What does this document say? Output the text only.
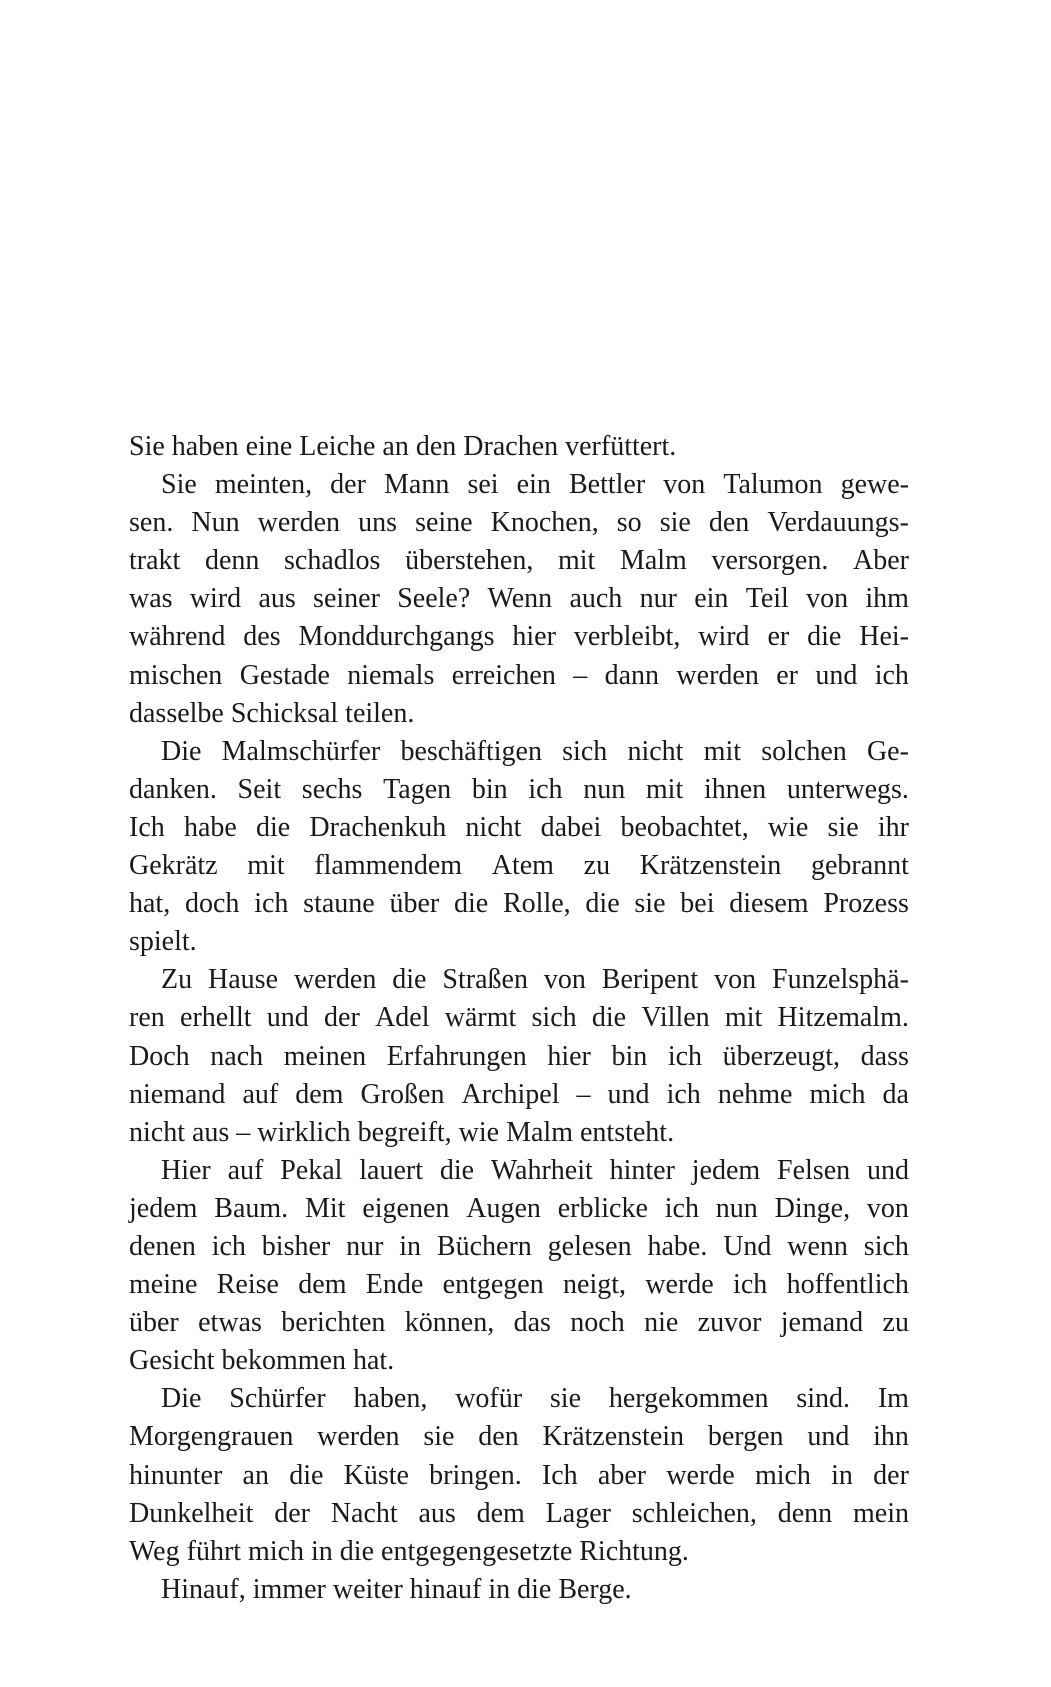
Sie haben eine Leiche an den Drachen verfüttert.
Sie meinten, der Mann sei ein Bettler von Talumon gewe-
sen. Nun werden uns seine Knochen, so sie den Verdauungs-
trakt denn schadlos überstehen, mit Malm versorgen. Aber
was wird aus seiner Seele? Wenn auch nur ein Teil von ihm
während des Monddurchgangs hier verbleibt, wird er die Hei-
mischen Gestade niemals erreichen – dann werden er und ich
dasselbe Schicksal teilen.
Die Malmschürfer beschäftigen sich nicht mit solchen Ge-
danken. Seit sechs Tagen bin ich nun mit ihnen unterwegs.
Ich habe die Drachenkuh nicht dabei beobachtet, wie sie ihr
Gekrätz mit flammendem Atem zu Krätzenstein gebrannt
hat, doch ich staune über die Rolle, die sie bei diesem Prozess
spielt.
Zu Hause werden die Straßen von Beripent von Funzelsphä-
ren erhellt und der Adel wärmt sich die Villen mit Hitzemalm.
Doch nach meinen Erfahrungen hier bin ich überzeugt, dass
niemand auf dem Großen Archipel – und ich nehme mich da
nicht aus – wirklich begreift, wie Malm entsteht.
Hier auf Pekal lauert die Wahrheit hinter jedem Felsen und
jedem Baum. Mit eigenen Augen erblicke ich nun Dinge, von
denen ich bisher nur in Büchern gelesen habe. Und wenn sich
meine Reise dem Ende entgegen neigt, werde ich hoffentlich
über etwas berichten können, das noch nie zuvor jemand zu
Gesicht bekommen hat.
Die Schürfer haben, wofür sie hergekommen sind. Im
Morgengrauen werden sie den Krätzenstein bergen und ihn
hinunter an die Küste bringen. Ich aber werde mich in der
Dunkelheit der Nacht aus dem Lager schleichen, denn mein
Weg führt mich in die entgegengesetzte Richtung.
Hinauf, immer weiter hinauf in die Berge.
